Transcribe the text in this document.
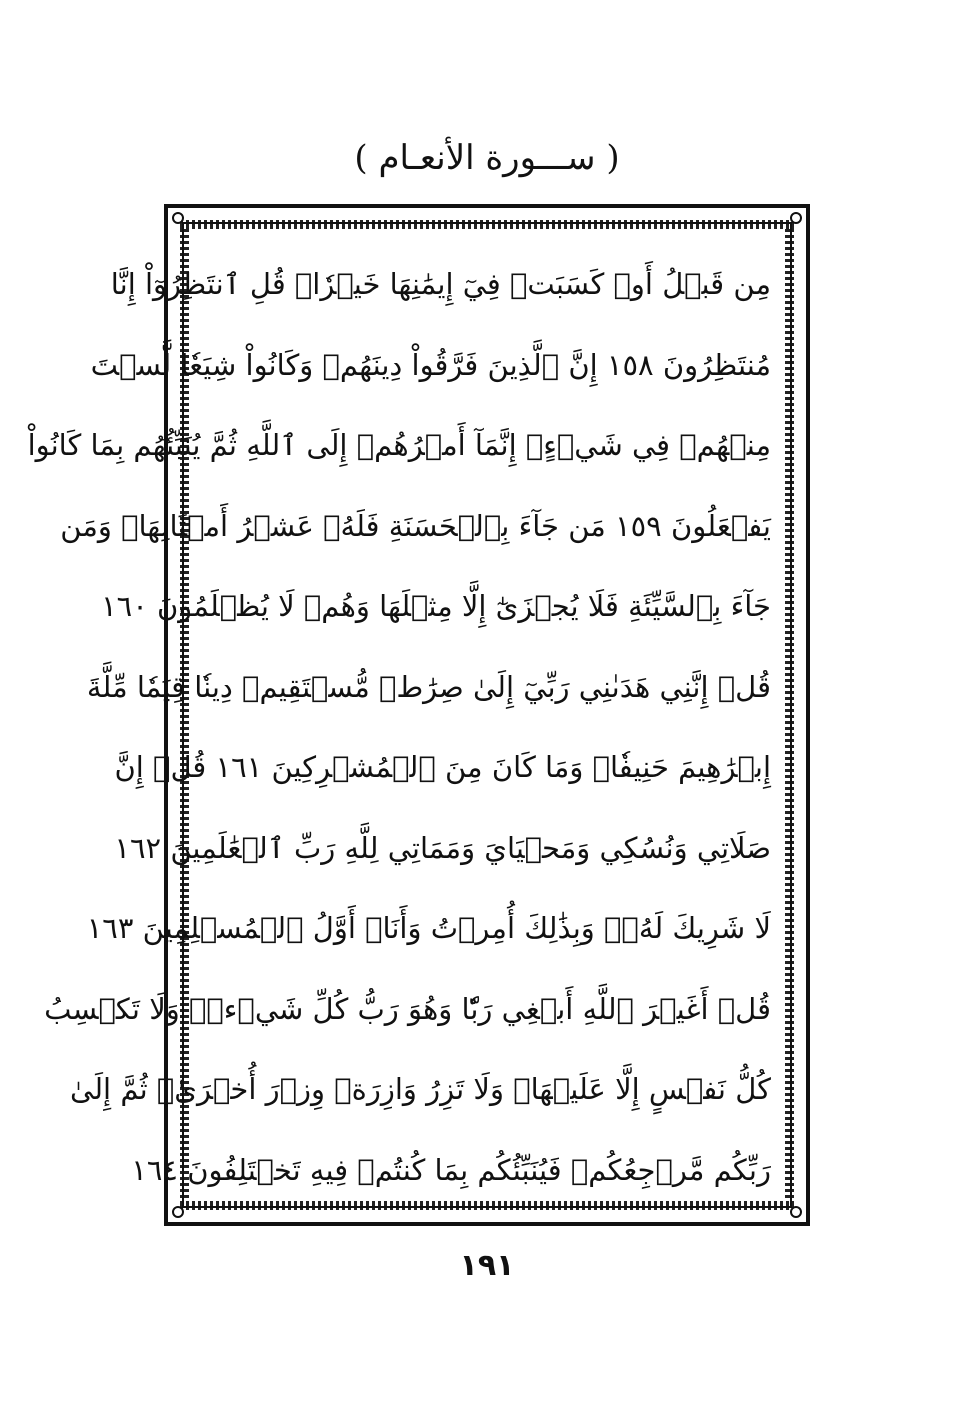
( ســـورة الأنعـام )
مِن قَبۡلُ أَوۡ كَسَبَتۡ فِيٓ إِيمَٰنِهَا خَيۡرٗاۗ قُلِ ٱنتَظِرُوٓاْ إِنَّا
مُنتَظِرُونَ ١٥٨ إِنَّ ٱلَّذِينَ فَرَّقُواْ دِينَهُمۡ وَكَانُواْ شِيَعٗا لَّسۡتَ
مِنۡهُمۡ فِي شَيۡءٍۚ إِنَّمَآ أَمۡرُهُمۡ إِلَى ٱللَّهِ ثُمَّ يُنَبِّئُهُم بِمَا كَانُواْ
يَفۡعَلُونَ ١٥٩ مَن جَآءَ بِٱلۡحَسَنَةِ فَلَهُۥ عَشۡرُ أَمۡثَالِهَاۖ وَمَن
جَآءَ بِٱلسَّيِّئَةِ فَلَا يُجۡزَىٰٓ إِلَّا مِثۡلَهَا وَهُمۡ لَا يُظۡلَمُونَ ١٦٠
قُلۡ إِنَّنِي هَدَىٰنِي رَبِّيٓ إِلَىٰ صِرَٰطٖ مُّسۡتَقِيمٖ دِينٗا قِيَمٗا مِّلَّةَ
إِبۡرَٰهِيمَ حَنِيفٗاۚ وَمَا كَانَ مِنَ ٱلۡمُشۡرِكِينَ ١٦١ قُلۡ إِنَّ
صَلَاتِي وَنُسُكِي وَمَحۡيَايَ وَمَمَاتِي لِلَّهِ رَبِّ ٱلۡعَٰلَمِينَ ١٦٢
لَا شَرِيكَ لَهُۥۖ وَبِذَٰلِكَ أُمِرۡتُ وَأَنَا۠ أَوَّلُ ٱلۡمُسۡلِمِينَ ١٦٣
قُلۡ أَغَيۡرَ ٱللَّهِ أَبۡغِي رَبّٗا وَهُوَ رَبُّ كُلِّ شَيۡءٖۚ وَلَا تَكۡسِبُ
كُلُّ نَفۡسٍ إِلَّا عَلَيۡهَاۚ وَلَا تَزِرُ وَازِرَةٞ وِزۡرَ أُخۡرَىٰۚ ثُمَّ إِلَىٰ
رَبِّكُم مَّرۡجِعُكُمۡ فَيُنَبِّئُكُم بِمَا كُنتُمۡ فِيهِ تَخۡتَلِفُونَ ١٦٤
١٩١
